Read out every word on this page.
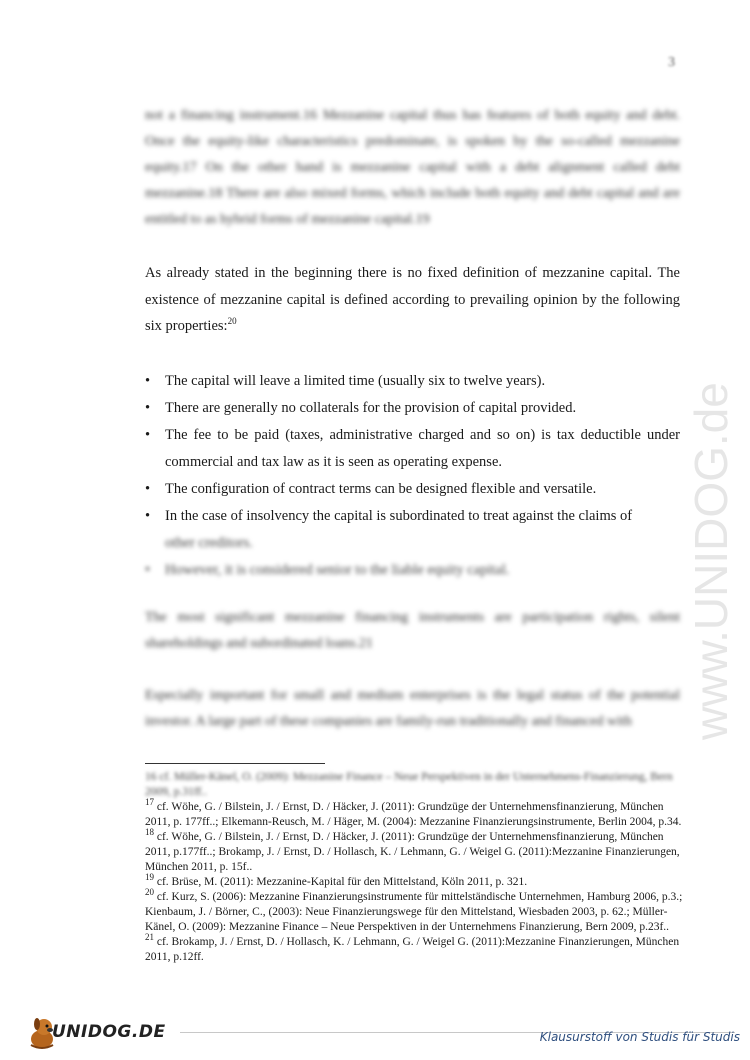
3
not a financing instrument.16 Mezzanine capital thus has features of both equity and debt. Once the equity-like characteristics predominate, is spoken by the so-called mezzanine equity.17 On the other hand is mezzanine capital with a debt alignment called debt mezzanine.18 There are also mixed forms, which include both equity and debt capital and are entitled to as hybrid forms of mezzanine capital.19
As already stated in the beginning there is no fixed definition of mezzanine capital. The existence of mezzanine capital is defined according to prevailing opinion by the following six properties:$^{20}$
• The capital will leave a limited time (usually six to twelve years).
• There are generally no collaterals for the provision of capital provided.
• The fee to be paid (taxes, administrative charged and so on) is tax deductible under commercial and tax law as it is seen as operating expense.
• The configuration of contract terms can be designed flexible and versatile.
• In the case of insolvency the capital is subordinated to treat against the claims of
other creditors.
• However, it is considered senior to the liable equity capital.
The most significant mezzanine financing instruments are participation rights, silent shareholdings and subordinated loans.21
Especially important for small and medium enterprises is the legal status of the potential investor. A large part of these companies are family-run traditionally and financed with

16 cf. Müller-Känel, O. (2009): Mezzanine Finance – Neue Perspektiven in der Unternehmens-Finanzierung, Bern 2009, p.31ff..

$^{17}$ cf. Wöhe, G. / Bilstein, J. / Ernst, D. / Häcker, J. (2011): Grundzüge der Unternehmensfinanzierung, München 2011, p. 177ff..; Elkemann-Reusch, M. / Häger, M. (2004): Mezzanine Finanzierungsinstrumente, Berlin 2004, p.34.

$^{18}$ cf. Wöhe, G. / Bilstein, J. / Ernst, D. / Häcker, J. (2011): Grundzüge der Unternehmensfinanzierung, München 2011, p.177ff..; Brokamp, J. / Ernst, D. / Hollasch, K. / Lehmann, G. / Weigel G. (2011):Mezzanine Finanzierungen, München 2011, p. 15f..

$^{19}$ cf. Brüse, M. (2011): Mezzanine-Kapital für den Mittelstand, Köln 2011, p. 321.

$^{20}$ cf. Kurz, S. (2006): Mezzanine Finanzierungsinstrumente für mittelständische Unternehmen, Hamburg 2006, p.3.; Kienbaum, J. / Börner, C., (2003): Neue Finanzierungswege für den Mittelstand, Wiesbaden 2003, p. 62.; Müller-Känel, O. (2009): Mezzanine Finance – Neue Perspektiven in der Unternehmens Finanzierung, Bern 2009, p.23f..

$^{21}$ cf. Brokamp, J. / Ernst, D. / Hollasch, K. / Lehmann, G. / Weigel G. (2011):Mezzanine Finanzierungen, München 2011, p.12ff.

www.UNIDOG.de
UNIDOG.DE	Klausurstoff von Studis für Studis
